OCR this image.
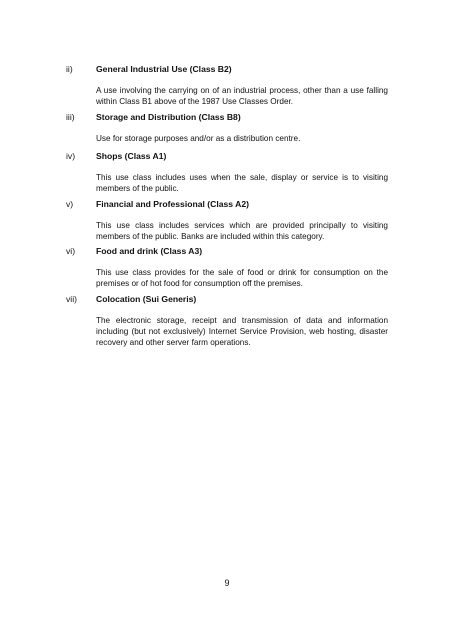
ii)	General Industrial Use (Class B2)
A use involving the carrying on of an industrial process, other than a use falling within Class B1 above of the 1987 Use Classes Order.
iii) Storage and Distribution (Class B8)
Use for storage purposes and/or as a distribution centre.
iv) Shops (Class A1)
This use class includes uses when the sale, display or service is to visiting members of the public.
v)	Financial and Professional (Class A2)
This use class includes services which are provided principally to visiting members of the public. Banks are included within this category.
vi) Food and drink (Class A3)
This use class provides for the sale of food or drink for consumption on the premises or of hot food for consumption off the premises.
vii) Colocation (Sui Generis)
The electronic storage, receipt and transmission of data and information including (but not exclusively) Internet Service Provision, web hosting, disaster recovery and other server farm operations.
9
